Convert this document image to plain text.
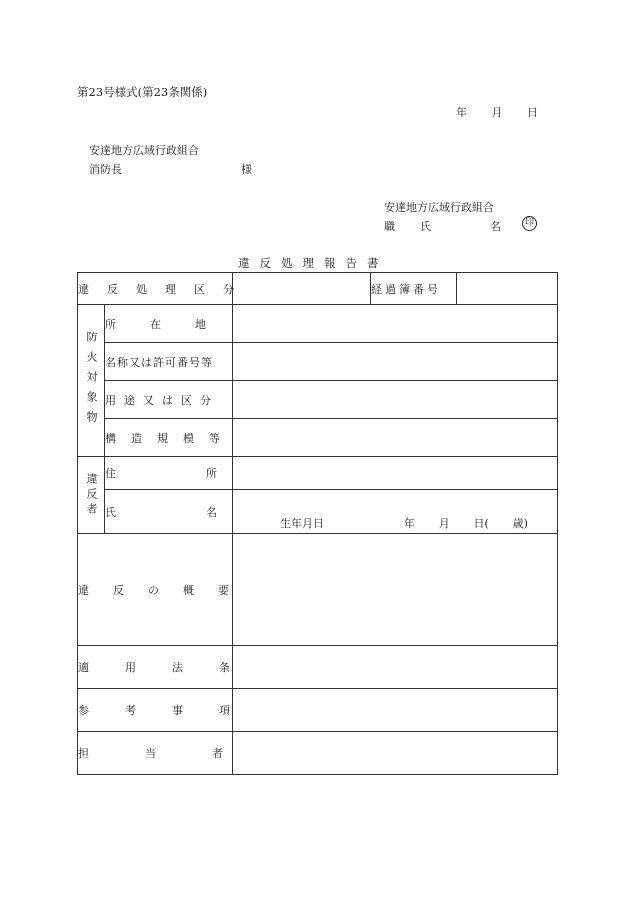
第23号様式(第23条関係)
年 月 日
安達地方広域行政組合
消防長	様
安達地方広域行政組合
職 氏	名	印
違反処理報告書
違反処理区分			経過簿番号	

防火対象物	所在地			

	名称又は許可番号等			

	用途又は区分			

	構造規模等			

違反者	住所			

	氏名	生年月日 年 月 日( 歳)		

違反の概要				

適用法条				

参考事項				

担当者				
